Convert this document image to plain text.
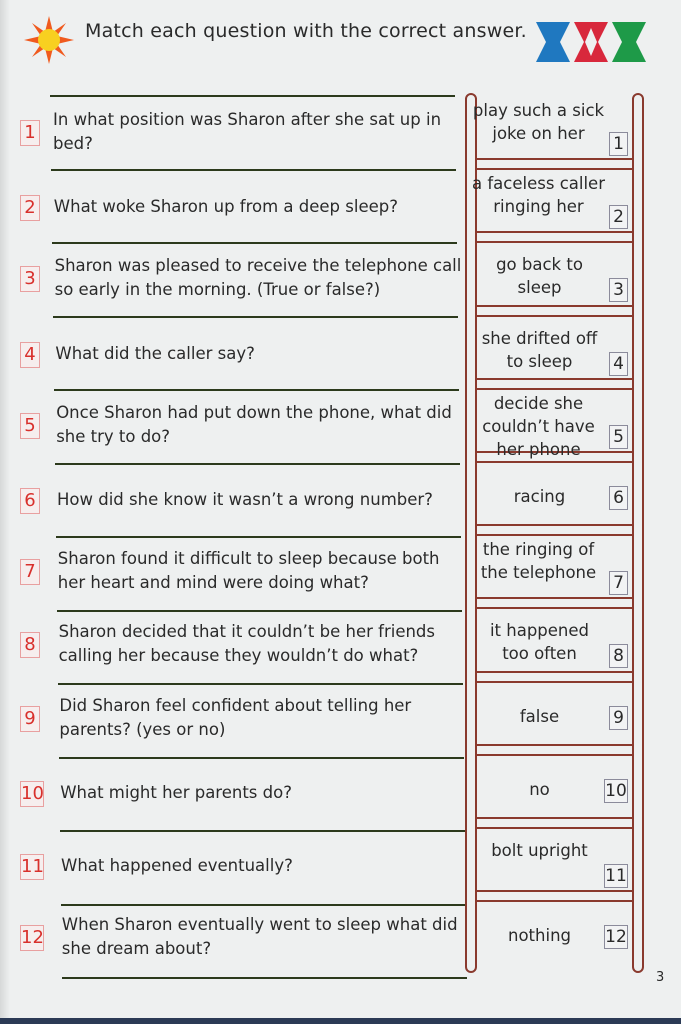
Match each question with the correct answer.
1
In what position was Sharon after she sat up in bed?
2 What woke Sharon up from a deep sleep?
3
Sharon was pleased to receive the telephone call so early in the morning. (True or false?)
4 What did the caller say?
5
Once Sharon had put down the phone, what did she try to do?
6 How did she know it wasn’t a wrong number?
7
Sharon found it difficult to sleep because both her heart and mind were doing what?
8
Sharon decided that it couldn’t be her friends calling her because they wouldn’t do what?
9
Did Sharon feel confident about telling her parents? (yes or no)
10 What might her parents do?
11 What happened eventually?
12
When Sharon eventually went to sleep what did she dream about?
play such a sick joke on her
1
a faceless caller ringing her
2
go back to sleep	3
she drifted off to sleep	4
decide she couldn’t have her phone
5
racing	6
the ringing of the telephone
7
it happened too often	8
false	9
no	10
bolt upright
11
nothing	12
3
